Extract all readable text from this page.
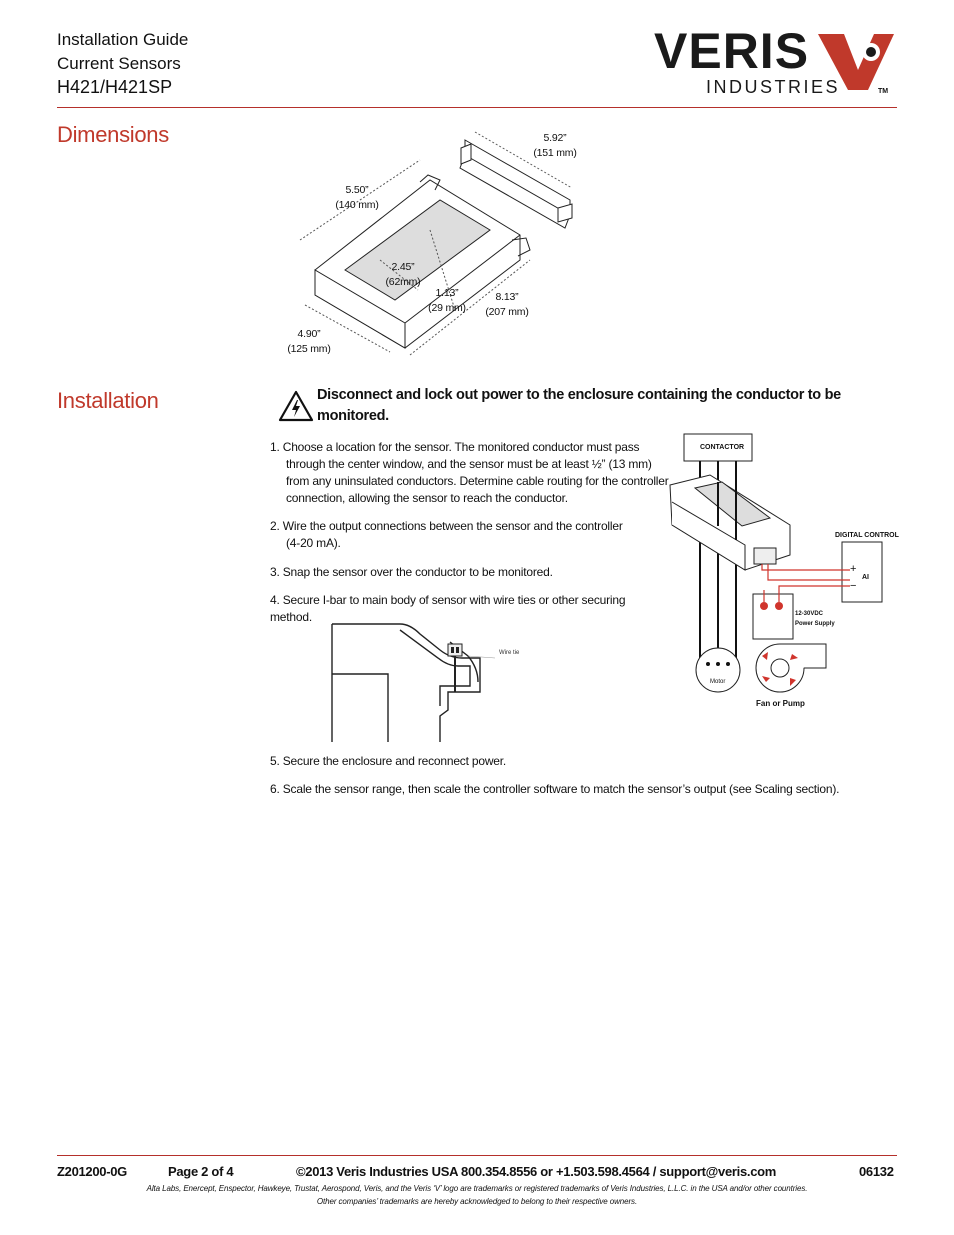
Installation Guide
Current Sensors
H421/H421SP
VERIS
INDUSTRIES	TM
Dimensions	5.92”
(151 mm)
5.50”
(140 mm)
2.45”
(62mm)
1.13”
(29 mm)
8.13”
(207 mm)
4.90”
(125 mm)
Installation	Disconnect and lock out power to the enclosure containing the conductor to be
monitored.
1. Choose a location for the sensor. The monitored conductor must pass
through the center window, and the sensor must be at least ½” (13 mm)
from any uninsulated conductors. Determine cable routing for the controller
connection, allowing the sensor to reach the conductor.
2. Wire the output connections between the sensor and the controller
(4-20 mA).
3. Snap the sensor over the conductor to be monitored.
4. Secure I-bar to main body of sensor with wire ties or other securing method.
Wire tie
CONTACTOR
DIGITAL CONTROL
+
−
AI
12-30VDC
Power Supply
Motor
Fan or Pump
5. Secure the enclosure and reconnect power.
6. Scale the sensor range, then scale the controller software to match the sensor’s output (see Scaling section).
Z201200-0G	Page 2 of 4	©2013 Veris Industries USA 800.354.8556 or +1.503.598.4564 / support@veris.com	06132
Alta Labs, Enercept, Enspector, Hawkeye, Trustat, Aerospond, Veris, and the Veris ‘V’ logo are trademarks or registered trademarks of Veris Industries, L.L.C. in the USA and/or other countries.
Other companies’ trademarks are hereby acknowledged to belong to their respective owners.
